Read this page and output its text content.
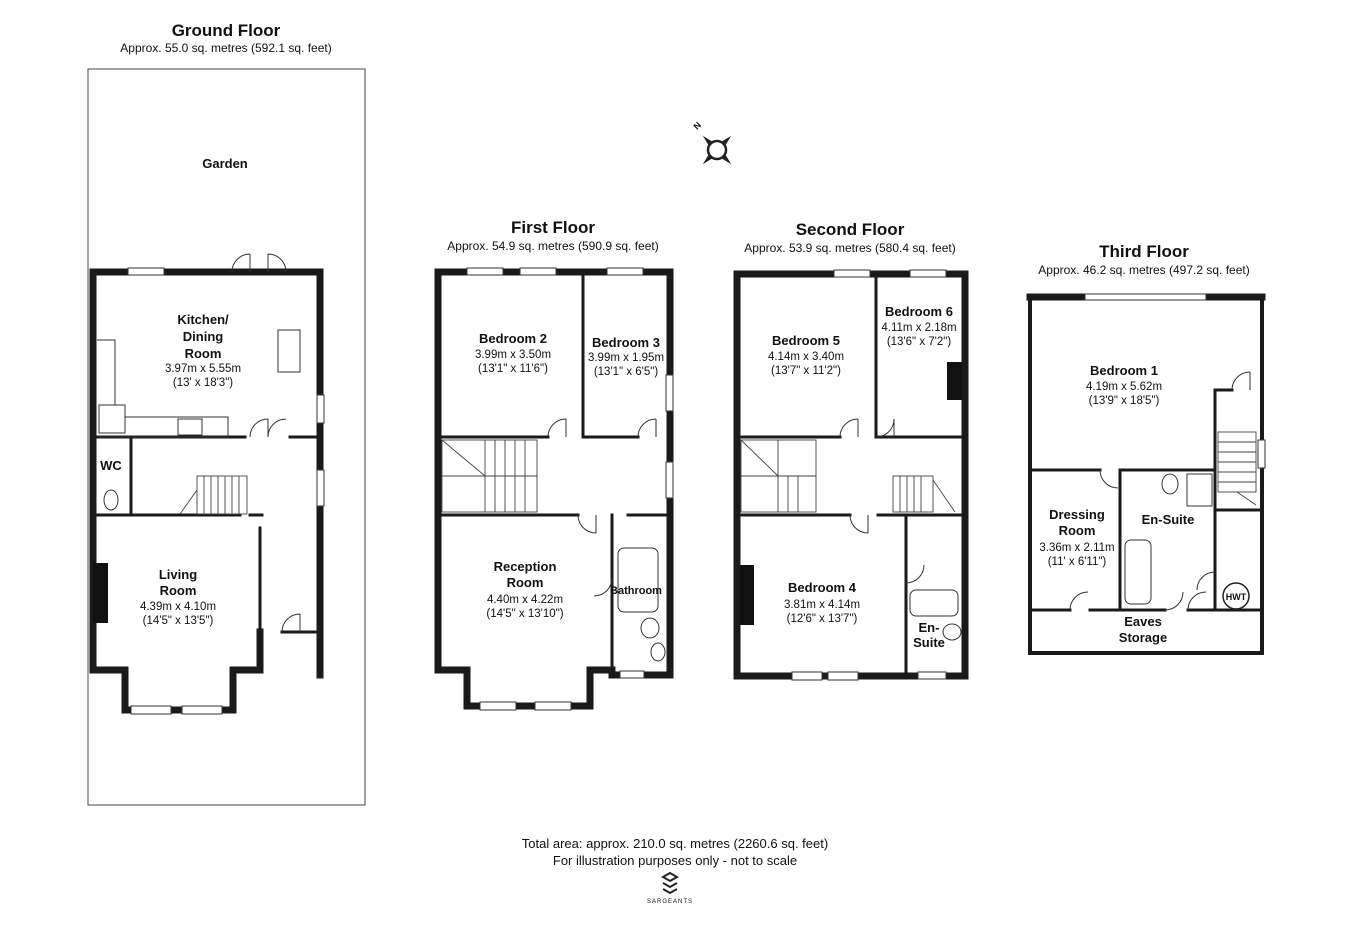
Ground Floor
Approx. 55.0 sq. metres (592.1 sq. feet)
Garden
WC
Kitchen/
Dining
Room
3.97m x 5.55m
(13' x 18'3")
Living
Room
4.39m x 4.10m
(14'5" x 13'5")
N
First Floor
Approx. 54.9 sq. metres (590.9 sq. feet)
Bedroom 2
3.99m x 3.50m
(13'1" x 11'6")
Bedroom 3
3.99m x 1.95m
(13'1" x 6'5")
Reception
Room
4.40m x 4.22m
(14'5" x 13'10")
Bathroom
Second Floor
Approx. 53.9 sq. metres (580.4 sq. feet)
Bedroom 5
4.14m x 3.40m
(13'7" x 11'2")
Bedroom 6
4.11m x 2.18m
(13'6" x 7'2")
Bedroom 4
3.81m x 4.14m
(12'6" x 13'7")
En-
Suite
Third Floor
Approx. 46.2 sq. metres (497.2 sq. feet)
Bedroom 1
4.19m x 5.62m
(13'9" x 18'5")
Dressing
Room
3.36m x 2.11m
(11' x 6'11")
En-Suite
HWT
Eaves
Storage
Total area: approx. 210.0 sq. metres (2260.6 sq. feet)
For illustration purposes only - not to scale
SARGEANTS
